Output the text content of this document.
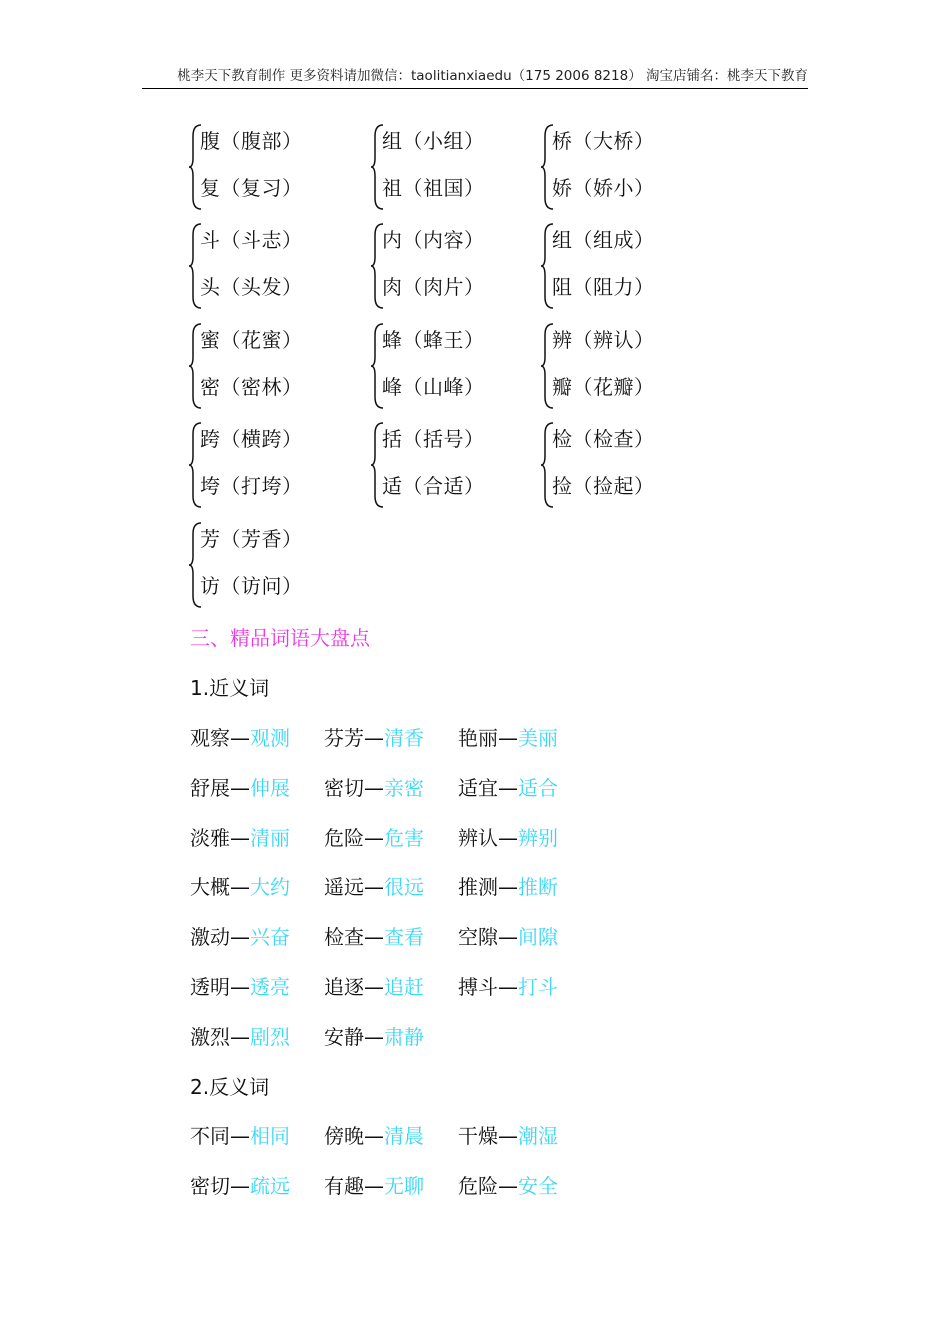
桃李天下教育制作 更多资料请加微信：taolitianxiaedu（175 2006 8218） 淘宝店铺名：桃李天下教育
腹（腹部）
复（复习）
组（小组）
祖（祖国）
桥（大桥）
娇（娇小）
斗（斗志）
头（头发）
内（内容）
肉（肉片）
组（组成）
阻（阻力）
蜜（花蜜）
密（密林）
蜂（蜂王）
峰（山峰）
辨（辨认）
瓣（花瓣）
跨（横跨）
垮（打垮）
括（括号）
适（合适）
检（检查）
捡（捡起）
芳（芳香）
访（访问）
三、精品词语大盘点
1.近义词
观察—观测 芬芳—清香 艳丽—美丽
舒展—伸展 密切—亲密 适宜—适合
淡雅—清丽 危险—危害 辨认—辨别
大概—大约 遥远—很远 推测—推断
激动—兴奋 检查—查看 空隙—间隙
透明—透亮 追逐—追赶 搏斗—打斗
激烈—剧烈 安静—肃静
2.反义词
不同—相同 傍晚—清晨 干燥—潮湿
密切—疏远 有趣—无聊 危险—安全
